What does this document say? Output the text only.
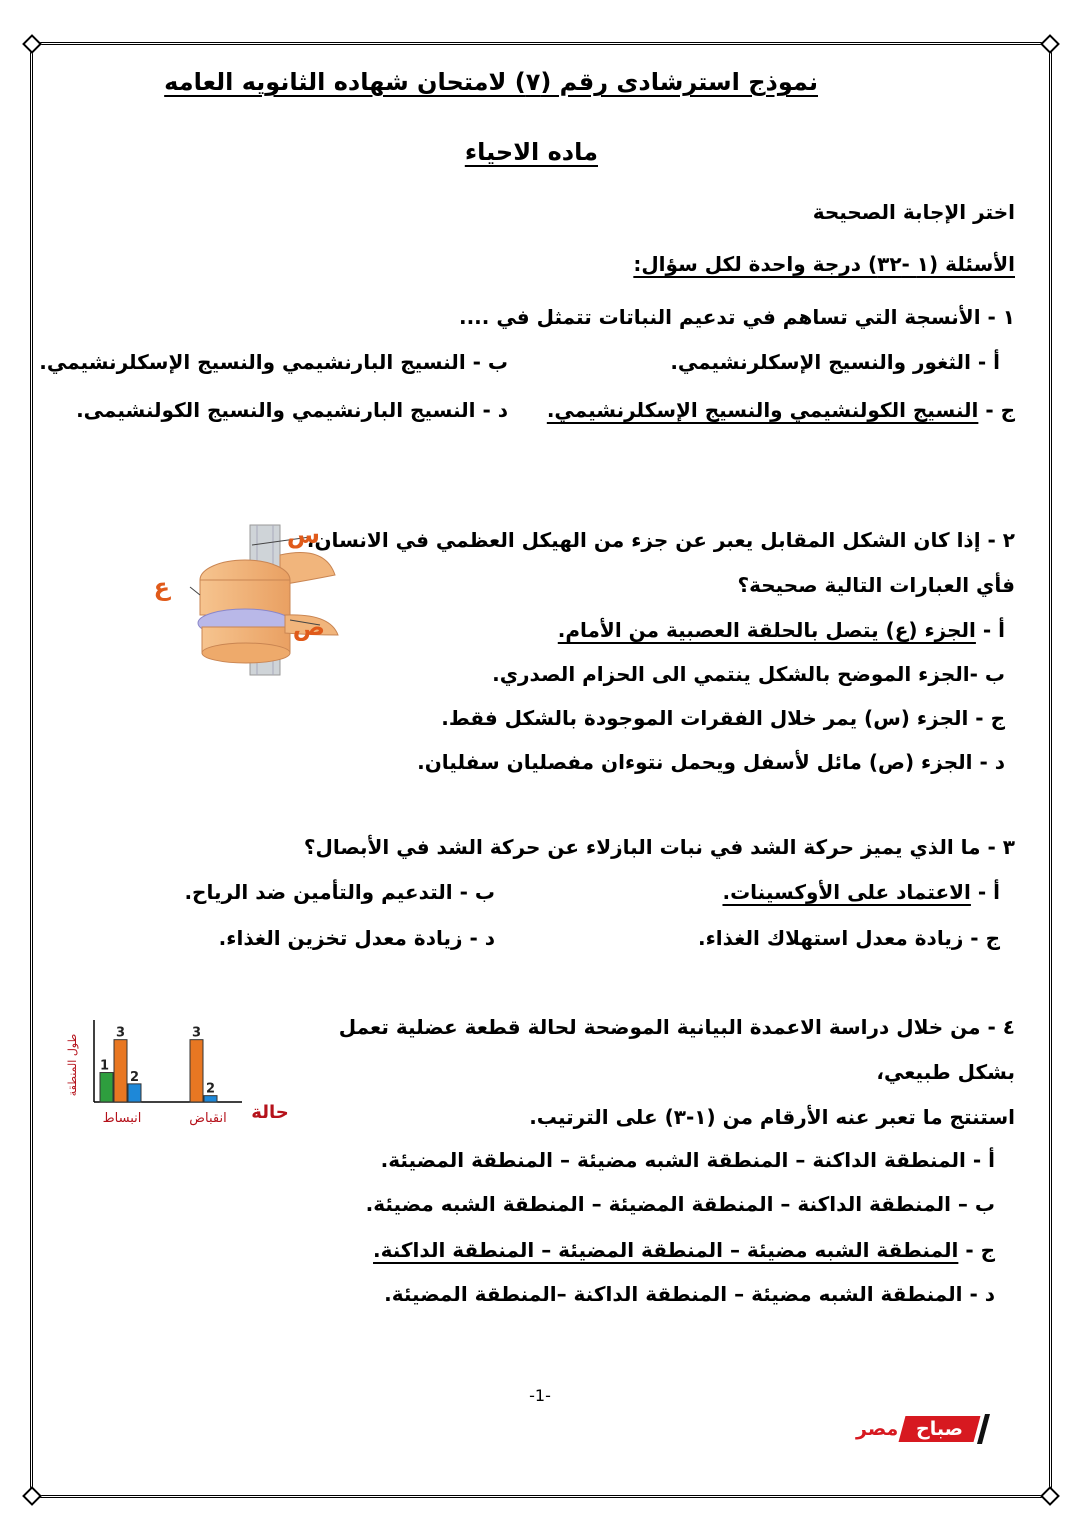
نموذج استرشادى رقم (٧) لامتحان شهاده الثانويه العامه
ماده الاحياء
اختر الإجابة الصحيحة
الأسئلة (١ -٣٢) درجة واحدة لكل سؤال:
١ - الأنسجة التي تساهم في تدعيم النباتات تتمثل في ....
أ - الثغور والنسيج الإسكلرنشيمي.
ب - النسيج البارنشيمي والنسيج الإسكلرنشيمي.
ج - النسيج الكولنشيمي والنسيج الإسكلرنشيمي.
د - النسيج البارنشيمي والنسيج الكولنشيمى.
٢ - إذا كان الشكل المقابل يعبر عن جزء من الهيكل العظمي في الانسان،
فأي العبارات التالية صحيحة؟
أ - الجزء (ع) يتصل بالحلقة العصبية من الأمام.
ب -الجزء الموضح بالشكل ينتمي الى الحزام الصدري.
ج - الجزء (س) يمر خلال الفقرات الموجودة بالشكل فقط.
د - الجزء (ص) مائل لأسفل ويحمل نتوءان مفصليان سفليان.
س
ع
ص
٣ - ما الذي يميز حركة الشد في نبات البازلاء عن حركة الشد في الأبصال؟
أ - الاعتماد على الأوكسينات.
ب - التدعيم والتأمين ضد الرياح.
ج - زيادة معدل استهلاك الغذاء.
د - زيادة معدل تخزين الغذاء.
٤ - من خلال دراسة الاعمدة البيانية الموضحة لحالة قطعة عضلية تعمل
بشكل طبيعي،
استنتج ما تعبر عنه الأرقام من (١-٣) على الترتيب.
أ - المنطقة الداكنة – المنطقة الشبه مضيئة – المنطقة المضيئة.
ب – المنطقة الداكنة – المنطقة المضيئة – المنطقة الشبه مضيئة.
ج - المنطقة الشبه مضيئة – المنطقة المضيئة – المنطقة الداكنة.
د - المنطقة الشبه مضيئة – المنطقة الداكنة –المنطقة المضيئة.
طول المنطقة
حالة
1
3
2
انبساط
3
2
انقباض
-1-
صباح
مصر
